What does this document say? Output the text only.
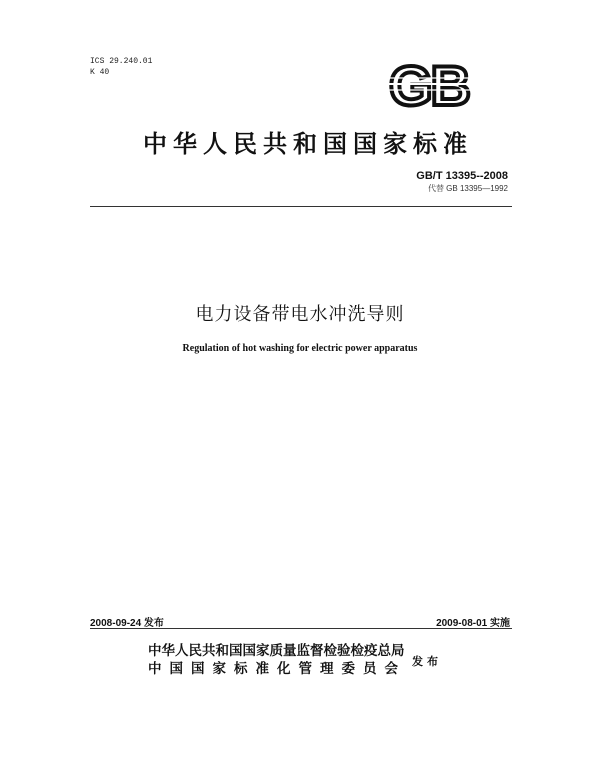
ICS 29.240.01
K 40	GB
中华人民共和国国家标准
GB/T 13395--2008
代替 GB 13395—1992
电力设备带电水冲洗导则
Regulation of hot washing for electric power apparatus
2008-09-24 发布	2009-08-01 实施
中华人民共和国国家质量监督检验检疫总局
中国国家标准化管理委员会 发布
